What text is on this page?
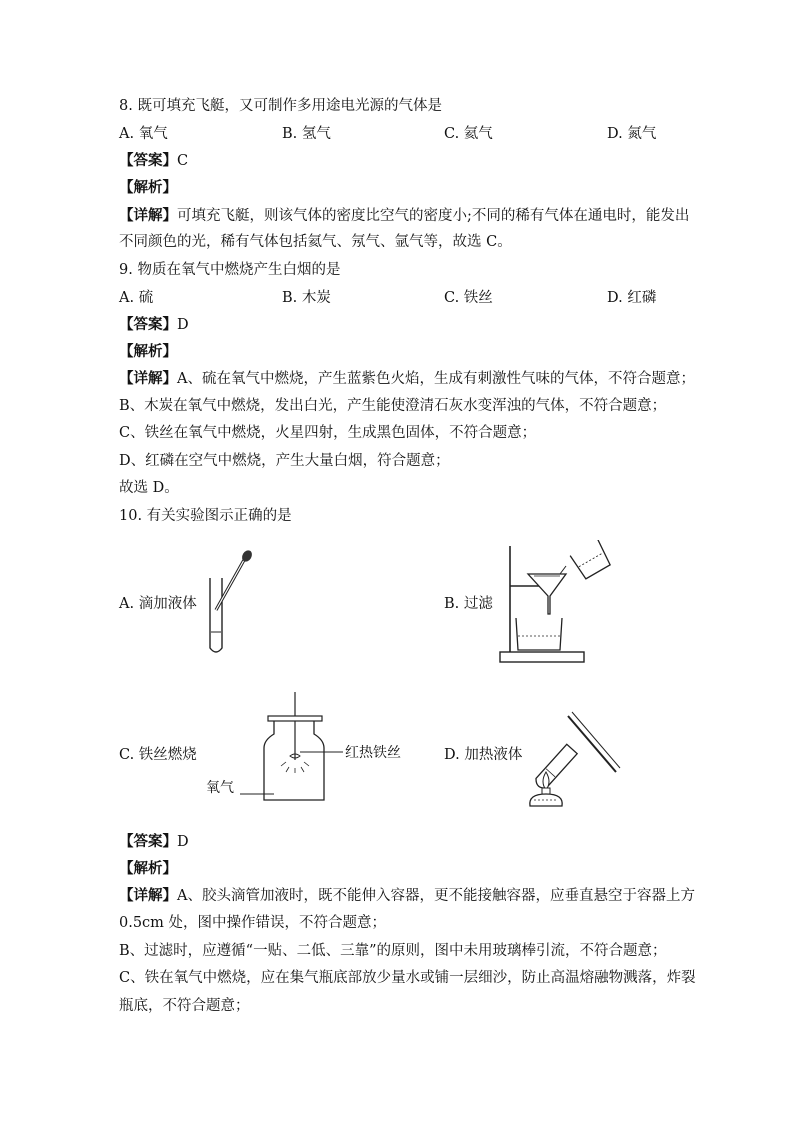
8. 既可填充飞艇，又可制作多用途电光源的气体是
A. 氧气	B. 氢气	C. 氦气	D. 氮气
【答案】C
【解析】
【详解】可填充飞艇，则该气体的密度比空气的密度小;不同的稀有气体在通电时，能发出
不同颜色的光，稀有气体包括氦气、氖气、氩气等，故选 C。
9. 物质在氧气中燃烧产生白烟的是
A. 硫	B. 木炭	C. 铁丝	D. 红磷
【答案】D
【解析】
【详解】A、硫在氧气中燃烧，产生蓝紫色火焰，生成有刺激性气味的气体，不符合题意；
B、木炭在氧气中燃烧，发出白光，产生能使澄清石灰水变浑浊的气体，不符合题意；
C、铁丝在氧气中燃烧，火星四射，生成黑色固体，不符合题意；
D、红磷在空气中燃烧，产生大量白烟，符合题意；
故选 D。
10. 有关实验图示正确的是
A. 滴加液体	B. 过滤
C. 铁丝燃烧	D. 加热液体
红热铁丝
氧气
【答案】D
【解析】
【详解】A、胶头滴管加液时，既不能伸入容器，更不能接触容器，应垂直悬空于容器上方
0.5cm 处，图中操作错误，不符合题意；
B、过滤时，应遵循“一贴、二低、三靠”的原则，图中未用玻璃棒引流，不符合题意；
C、铁在氧气中燃烧，应在集气瓶底部放少量水或铺一层细沙，防止高温熔融物溅落，炸裂
瓶底，不符合题意；
